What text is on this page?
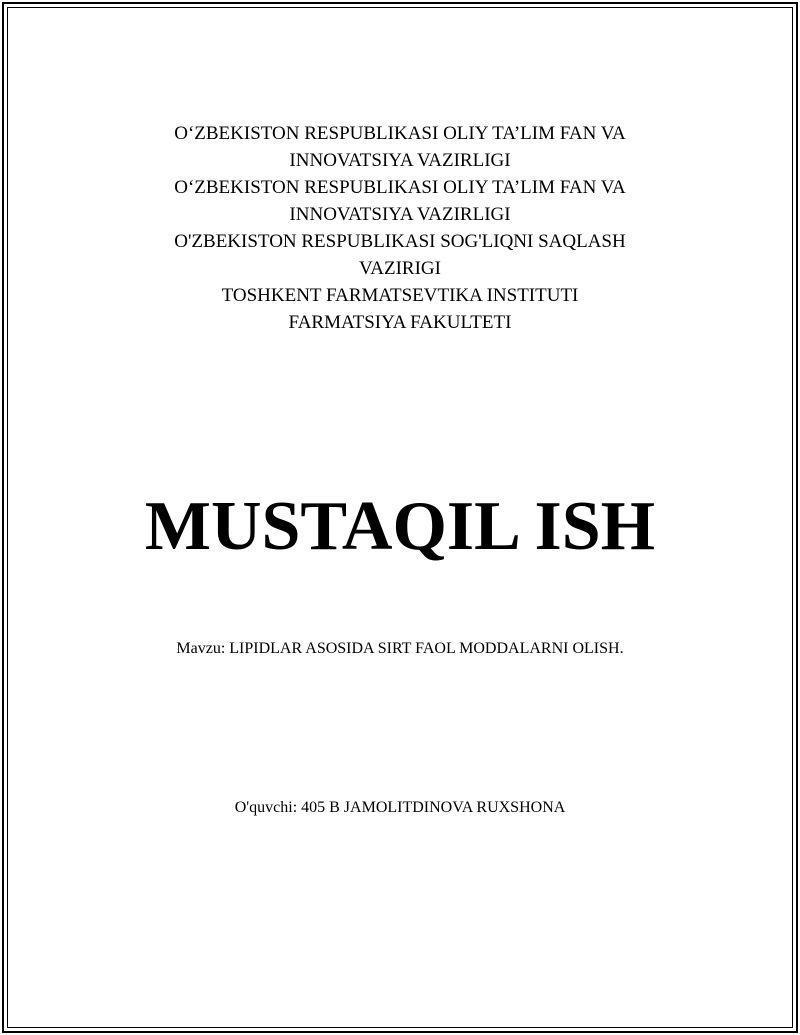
O‘ZBEKISTON RESPUBLIKASI OLIY TA’LIM FAN VA
INNOVATSIYA VAZIRLIGI
O‘ZBEKISTON RESPUBLIKASI OLIY TA’LIM FAN VA
INNOVATSIYA VAZIRLIGI
O'ZBEKISTON RESPUBLIKASI SOG'LIQNI SAQLASH
VAZIRIGI
TOSHKENT FARMATSEVTIKA INSTITUTI
FARMATSIYA FAKULTETI
MUSTAQIL ISH
Mavzu: LIPIDLAR ASOSIDA SIRT FAOL MODDALARNI OLISH.
O'quvchi: 405 B JAMOLITDINOVA RUXSHONA
